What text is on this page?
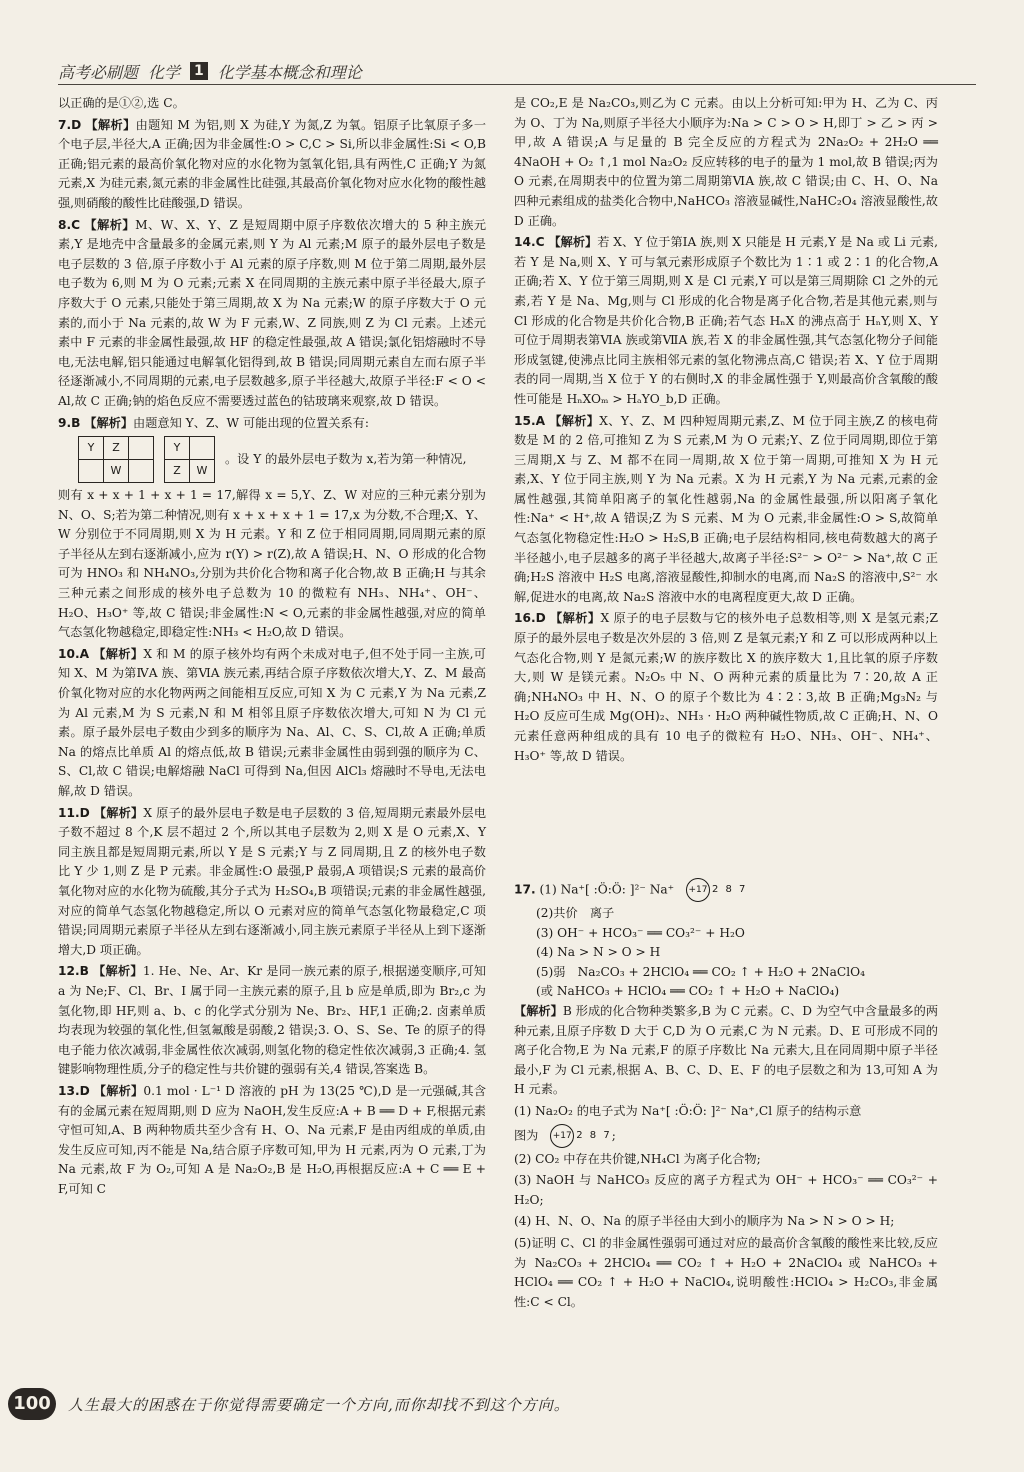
高考必刷题 化学 1 化学基本概念和理论
以正确的是①②,选 C。
7.D 【解析】由题知 M 为铝,则 X 为硅,Y 为氮,Z 为氧。铝原子比氧原子多一个电子层,半径大,A 正确;因为非金属性:O > C,C > Si,所以非金属性:Si < O,B 正确;铝元素的最高价氧化物对应的水化物为氢氧化铝,具有两性,C 正确;Y 为氮元素,X 为硅元素,氮元素的非金属性比硅强,其最高价氧化物对应水化物的酸性越强,则硝酸的酸性比硅酸强,D 错误。
8.C 【解析】M、W、X、Y、Z 是短周期中原子序数依次增大的 5 种主族元素,Y 是地壳中含量最多的金属元素,则 Y 为 Al 元素;M 原子的最外层电子数是电子层数的 3 倍,原子序数小于 Al 元素的原子序数,则 M 位于第二周期,最外层电子数为 6,则 M 为 O 元素;元素 X 在同周期的主族元素中原子半径最大,原子序数大于 O 元素,只能处于第三周期,故 X 为 Na 元素;W 的原子序数大于 O 元素的,而小于 Na 元素的,故 W 为 F 元素,W、Z 同族,则 Z 为 Cl 元素。上述元素中 F 元素的非金属性最强,故 HF 的稳定性最强,故 A 错误;氯化铝熔融时不导电,无法电解,铝只能通过电解氧化铝得到,故 B 错误;同周期元素自左而右原子半径逐渐减小,不同周期的元素,电子层数越多,原子半径越大,故原子半径:F < O < Al,故 C 正确;钠的焰色反应不需要透过蓝色的钴玻璃来观察,故 D 错误。
9.B 【解析】由题意知 Y、Z、W 可能出现的位置关系有:
Y	Z	
	W	
Y	
Z	W
。设 Y 的最外层电子数为 x,若为第一种情况,
则有 x + x + 1 + x + 1 = 17,解得 x = 5,Y、Z、W 对应的三种元素分别为 N、O、S;若为第二种情况,则有 x + x + x + 1 = 17,x 为分数,不合理;X、Y、W 分别位于不同周期,则 X 为 H 元素。Y 和 Z 位于相同周期,同周期元素的原子半径从左到右逐渐减小,应为 r(Y) > r(Z),故 A 错误;H、N、O 形成的化合物可为 HNO₃ 和 NH₄NO₃,分别为共价化合物和离子化合物,故 B 正确;H 与其余三种元素之间形成的核外电子总数为 10 的微粒有 NH₃、NH₄⁺、OH⁻、H₂O、H₃O⁺ 等,故 C 错误;非金属性:N < O,元素的非金属性越强,对应的简单气态氢化物越稳定,即稳定性:NH₃ < H₂O,故 D 错误。
10.A 【解析】X 和 M 的原子核外均有两个未成对电子,但不处于同一主族,可知 X、M 为第ⅣA 族、第ⅥA 族元素,再结合原子序数依次增大,Y、Z、M 最高价氧化物对应的水化物两两之间能相互反应,可知 X 为 C 元素,Y 为 Na 元素,Z 为 Al 元素,M 为 S 元素,N 和 M 相邻且原子序数依次增大,可知 N 为 Cl 元素。原子最外层电子数由少到多的顺序为 Na、Al、C、S、Cl,故 A 正确;单质 Na 的熔点比单质 Al 的熔点低,故 B 错误;元素非金属性由弱到强的顺序为 C、S、Cl,故 C 错误;电解熔融 NaCl 可得到 Na,但因 AlCl₃ 熔融时不导电,无法电解,故 D 错误。
11.D 【解析】X 原子的最外层电子数是电子层数的 3 倍,短周期元素最外层电子数不超过 8 个,K 层不超过 2 个,所以其电子层数为 2,则 X 是 O 元素,X、Y 同主族且都是短周期元素,所以 Y 是 S 元素;Y 与 Z 同周期,且 Z 的核外电子数比 Y 少 1,则 Z 是 P 元素。非金属性:O 最强,P 最弱,A 项错误;S 元素的最高价氧化物对应的水化物为硫酸,其分子式为 H₂SO₄,B 项错误;元素的非金属性越强,对应的简单气态氢化物越稳定,所以 O 元素对应的简单气态氢化物最稳定,C 项错误;同周期元素原子半径从左到右逐渐减小,同主族元素原子半径从上到下逐渐增大,D 项正确。
12.B 【解析】1. He、Ne、Ar、Kr 是同一族元素的原子,根据递变顺序,可知 a 为 Ne;F、Cl、Br、I 属于同一主族元素的原子,且 b 应是单质,即为 Br₂,c 为氢化物,即 HF,则 a、b、c 的化学式分别为 Ne、Br₂、HF,1 正确;2. 卤素单质均表现为较强的氧化性,但氢氟酸是弱酸,2 错误;3. O、S、Se、Te 的原子的得电子能力依次减弱,非金属性依次减弱,则氢化物的稳定性依次减弱,3 正确;4. 氢键影响物理性质,分子的稳定性与共价键的强弱有关,4 错误,答案选 B。
13.D 【解析】0.1 mol · L⁻¹ D 溶液的 pH 为 13(25 ℃),D 是一元强碱,其含有的金属元素在短周期,则 D 应为 NaOH,发生反应:A + B ══ D + F,根据元素守恒可知,A、B 两种物质共至少含有 H、O、Na 元素,F 是由丙组成的单质,由发生反应可知,丙不能是 Na,结合原子序数可知,甲为 H 元素,丙为 O 元素,丁为 Na 元素,故 F 为 O₂,可知 A 是 Na₂O₂,B 是 H₂O,再根据反应:A + C ══ E + F,可知 C
是 CO₂,E 是 Na₂CO₃,则乙为 C 元素。由以上分析可知:甲为 H、乙为 C、丙为 O、丁为 Na,则原子半径大小顺序为:Na > C > O > H,即丁 > 乙 > 丙 > 甲,故 A 错误;A 与足量的 B 完全反应的方程式为 2Na₂O₂ + 2H₂O ══ 4NaOH + O₂ ↑,1 mol Na₂O₂ 反应转移的电子的量为 1 mol,故 B 错误;丙为 O 元素,在周期表中的位置为第二周期第ⅥA 族,故 C 错误;由 C、H、O、Na 四种元素组成的盐类化合物中,NaHCO₃ 溶液显碱性,NaHC₂O₄ 溶液显酸性,故 D 正确。
14.C 【解析】若 X、Y 位于第ⅠA 族,则 X 只能是 H 元素,Y 是 Na 或 Li 元素,若 Y 是 Na,则 X、Y 可与氧元素形成原子个数比为 1∶1 或 2∶1 的化合物,A 正确;若 X、Y 位于第三周期,则 X 是 Cl 元素,Y 可以是第三周期除 Cl 之外的元素,若 Y 是 Na、Mg,则与 Cl 形成的化合物是离子化合物,若是其他元素,则与 Cl 形成的化合物是共价化合物,B 正确;若气态 HₙX 的沸点高于 HₙY,则 X、Y 可位于周期表第ⅥA 族或第ⅦA 族,若 X 的非金属性强,其气态氢化物分子间能形成氢键,使沸点比同主族相邻元素的氢化物沸点高,C 错误;若 X、Y 位于周期表的同一周期,当 X 位于 Y 的右侧时,X 的非金属性强于 Y,则最高价含氧酸的酸性可能是 HₙXOₘ > HₐYO_b,D 正确。
15.A 【解析】X、Y、Z、M 四种短周期元素,Z、M 位于同主族,Z 的核电荷数是 M 的 2 倍,可推知 Z 为 S 元素,M 为 O 元素;Y、Z 位于同周期,即位于第三周期,X 与 Z、M 都不在同一周期,故 X 位于第一周期,可推知 X 为 H 元素,X、Y 位于同主族,则 Y 为 Na 元素。X 为 H 元素,Y 为 Na 元素,元素的金属性越强,其简单阳离子的氧化性越弱,Na 的金属性最强,所以阳离子氧化性:Na⁺ < H⁺,故 A 错误;Z 为 S 元素、M 为 O 元素,非金属性:O > S,故简单气态氢化物稳定性:H₂O > H₂S,B 正确;电子层结构相同,核电荷数越大的离子半径越小,电子层越多的离子半径越大,故离子半径:S²⁻ > O²⁻ > Na⁺,故 C 正确;H₂S 溶液中 H₂S 电离,溶液显酸性,抑制水的电离,而 Na₂S 的溶液中,S²⁻ 水解,促进水的电离,故 Na₂S 溶液中水的电离程度更大,故 D 正确。
16.D 【解析】X 原子的电子层数与它的核外电子总数相等,则 X 是氢元素;Z 原子的最外层电子数是次外层的 3 倍,则 Z 是氧元素;Y 和 Z 可以形成两种以上气态化合物,则 Y 是氮元素;W 的族序数比 X 的族序数大 1,且比氧的原子序数大,则 W 是镁元素。N₂O₅ 中 N、O 两种元素的质量比为 7∶20,故 A 正确;NH₄NO₃ 中 H、N、O 的原子个数比为 4∶2∶3,故 B 正确;Mg₃N₂ 与 H₂O 反应可生成 Mg(OH)₂、NH₃ · H₂O 两种碱性物质,故 C 正确;H、N、O 元素任意两种组成的具有 10 电子的微粒有 H₂O、NH₃、OH⁻、NH₄⁺、H₃O⁺ 等,故 D 错误。
17. (1) Na⁺[ :Ö:Ö: ]²⁻ Na⁺ +17 2 8 7
(2)共价　离子
(3) OH⁻ + HCO₃⁻ ══ CO₃²⁻ + H₂O
(4) Na > N > O > H
(5)弱　Na₂CO₃ + 2HClO₄ ══ CO₂ ↑ + H₂O + 2NaClO₄
(或 NaHCO₃ + HClO₄ ══ CO₂ ↑ + H₂O + NaClO₄)
【解析】B 形成的化合物种类繁多,B 为 C 元素。C、D 为空气中含量最多的两种元素,且原子序数 D 大于 C,D 为 O 元素,C 为 N 元素。D、E 可形成不同的离子化合物,E 为 Na 元素,F 的原子序数比 Na 元素大,且在同周期中原子半径最小,F 为 Cl 元素,根据 A、B、C、D、E、F 的电子层数之和为 13,可知 A 为 H 元素。
(1) Na₂O₂ 的电子式为 Na⁺[ :Ö:Ö: ]²⁻ Na⁺,Cl 原子的结构示意
图为 +17 2 8 7 ;
(2) CO₂ 中存在共价键,NH₄Cl 为离子化合物;
(3) NaOH 与 NaHCO₃ 反应的离子方程式为 OH⁻ + HCO₃⁻ ══ CO₃²⁻ + H₂O;
(4) H、N、O、Na 的原子半径由大到小的顺序为 Na > N > O > H;
(5)证明 C、Cl 的非金属性强弱可通过对应的最高价含氧酸的酸性来比较,反应为 Na₂CO₃ + 2HClO₄ ══ CO₂ ↑ + H₂O + 2NaClO₄ 或 NaHCO₃ + HClO₄ ══ CO₂ ↑ + H₂O + NaClO₄,说明酸性:HClO₄ > H₂CO₃,非金属性:C < Cl。
100	人生最大的困惑在于你觉得需要确定一个方向,而你却找不到这个方向。
